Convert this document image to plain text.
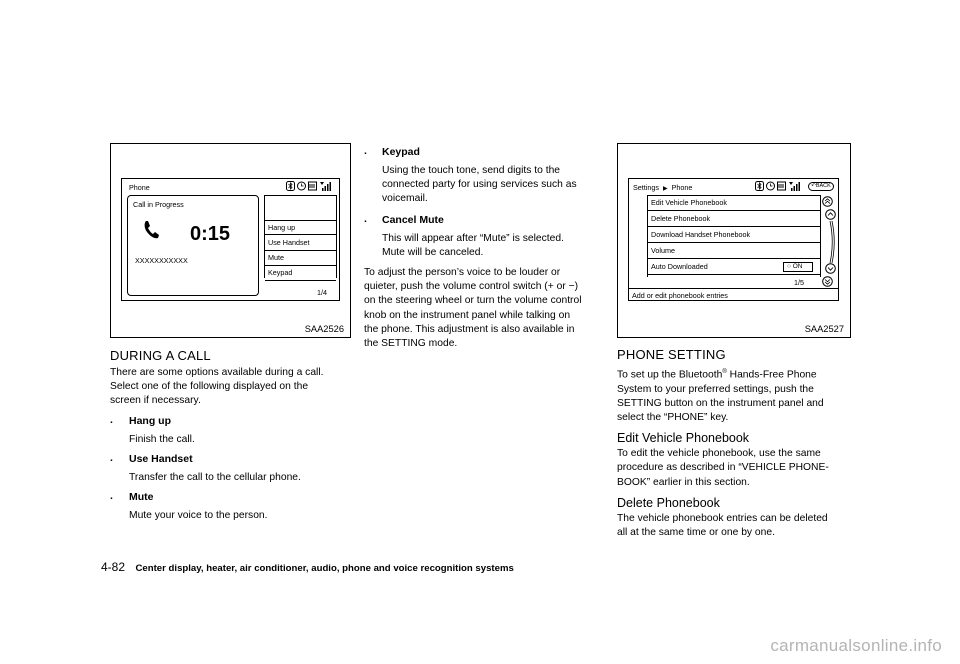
Phone
Call in Progress
0:15
XXXXXXXXXXX
Hang up
Use Handset
Mute
Keypad
1/4
SAA2526
Settings ▶ Phone	↶BACK
Edit Vehicle Phonebook
Delete Phonebook
Download Handset Phonebook
Volume
Auto Downloaded	○ ON
1/5
Add or edit phonebook entries
SAA2527
DURING A CALL
There are some options available during a call.
Select one of the following displayed on the
screen if necessary.
. Hang up
Finish the call.
. Use Handset
Transfer the call to the cellular phone.
. Mute
Mute your voice to the person.
. Keypad
Using the touch tone, send digits to the
connected party for using services such as
voicemail.
. Cancel Mute
This will appear after “Mute” is selected.
Mute will be canceled.
To adjust the person’s voice to be louder or
quieter, push the volume control switch (+ or −)
on the steering wheel or turn the volume control
knob on the instrument panel while talking on
the phone. This adjustment is also available in
the SETTING mode.
PHONE SETTING
To set up the Bluetooth® Hands-Free Phone
System to your preferred settings, push the
SETTING button on the instrument panel and
select the “PHONE” key.
Edit Vehicle Phonebook
To edit the vehicle phonebook, use the same
procedure as described in “VEHICLE PHONE-
BOOK” earlier in this section.
Delete Phonebook
The vehicle phonebook entries can be deleted
all at the same time or one by one.
4-82 Center display, heater, air conditioner, audio, phone and voice recognition systems
carmanualsonline.info
